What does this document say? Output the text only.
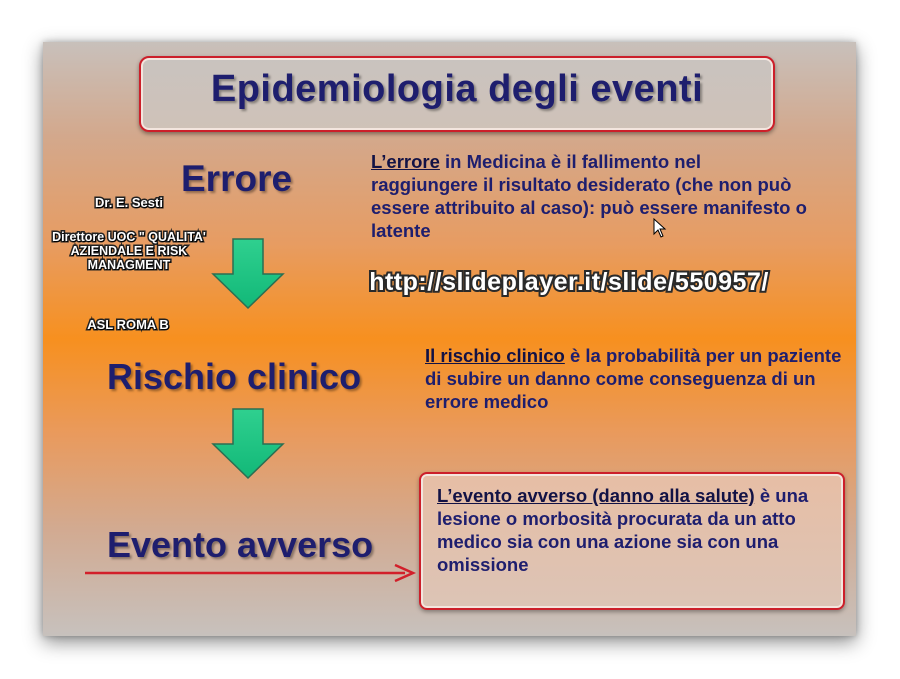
Epidemiologia degli eventi
Errore
Rischio clinico
Evento avverso
Dr. E. Sesti
Direttore UOC " QUALITA' AZIENDALE E RISK MANAGMENT
ASL ROMA B
L’errore in Medicina è il fallimento nel raggiungere il risultato desiderato (che non può essere attribuito al caso): può essere manifesto o latente
http://slideplayer.it/slide/550957/
Il rischio clinico è la probabilità per un paziente di subire un danno come conseguenza di un errore medico
L’evento avverso (danno alla salute) è una lesione o morbosità procurata da un atto medico sia con una azione sia con una omissione
